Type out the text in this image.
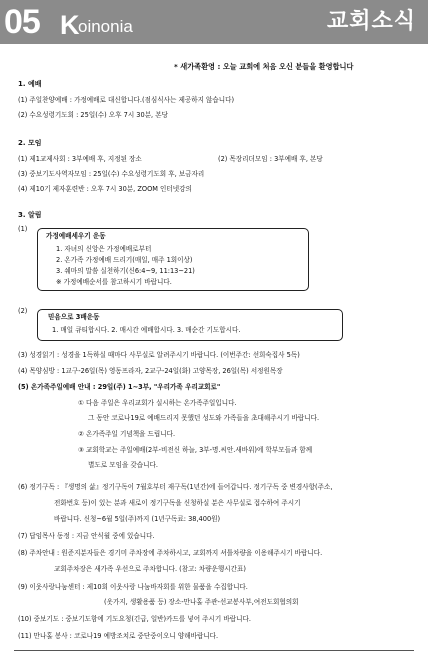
05 K
oinonia	교회소식
* 새가족환영 : 오늘 교회에 처음 오신 분들을 환영합니다
1. 예배
(1) 주일찬양예배 : 가정예배로 대신합니다.(점심식사는 제공하지 않습니다)
(2) 수요성령기도회 : 25일(수) 오후 7시 30분, 본당
2. 모임
(1) 제1교제사회 : 3부예배 후, 지정된 장소	(2) 목장리더모임 : 3부예배 후, 본당
(3) 중보기도사역자모임 : 25일(수) 수요성령기도회 후, 보금자리
(4) 제10기 제자훈련반 : 오후 7시 30분, ZOOM 인터넷강의
3. 알림
(1)
가정예배세우기 운동
1. 자녀의 신앙은 가정예배로부터
2. 온가족 가정예배 드리기(매일, 매주 1회이상)
3. 쉐마의 말씀 실천하기(신6:4~9, 11:13~21)
※ 가정예배순서를 참고하시기 바랍니다.
(2)
믿음으로 3배운동
1. 매일 큐티합시다. 2. 매시간 예배합시다. 3. 매순간 기도합시다.
(3) 성경읽기 : 성경을 1독하실 때마다 사무실로 알려주시기 바랍니다. (이번주간: 선희숙집사 5독)
(4) 목양심방 : 1교구-26일(목) 영동프라자, 2교구-24일(화) 고양목장, 26일(목) 서정원목장
(5) 온가족주일예배 안내 : 29일(주) 1~3부, "우리가족 우리교회로"
① 다음 주일은 우리교회가 실시하는 온가족주일입니다.
그 동안 코로나19로 예배드리지 못했던 성도와 가족들을 초대해주시기 바랍니다.
② 온가족주일 기념책을 드립니다.
③ 교회학교는 주일예배(2부-비전신 하늘, 3부-명.씨안.새바위)에 학부모들과 함께
별도로 모임을 갖습니다.
(6) 정기구독 : 『생명의 삶』정기구독이 7월호부터 재구독(1년간)에 들어갑니다. 정기구독 중 변경사항(주소,
전화번호 등)이 있는 분과 새로이 정기구독을 신청하실 분은 사무실로 접수하여 주시기
바랍니다. 신청~6월 5일(주)까지 (1년구독료: 38,400원)
(7) 답임목사 동정 : 지금 안식월 중에 있습니다.
(8) 주차안내 : 원준지분자들은 경기미 주차장에 주차하시고, 교회까지 셔틀차량을 이용해주시기 바랍니다.
교회주차장은 새가족 우선으로 주차합니다. (참고: 차량운행시간표)
(9) 이웃사랑나눔센터 : 제10회 이웃사랑 나눔바자회를 위한 물품을 수집합니다.
(옷가지, 생활용품 등) 장소-만나홀 주관-선교봉사부,여전도회협의회
(10) 중보기도 : 중보기도함에 기도요청(긴급, 일반)카드를 넣어 주시기 바랍니다.
(11) 만나홀 봉사 : 코로나19 예방조치로 중단중이오니 양해바랍니다.
